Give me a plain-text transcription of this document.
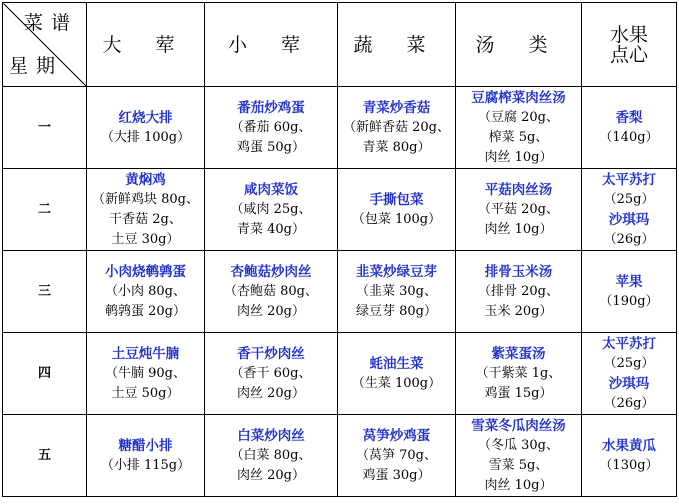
菜谱
星期	大 荤	小 荤	蔬 菜	汤 类	水果
点心

一	红烧大排
（大排 100g）	番茄炒鸡蛋
（番茄 60g、
鸡蛋 50g）	青菜炒香菇
（新鲜香菇 20g、
青菜 80g）	豆腐榨菜肉丝汤
（豆腐 20g、
榨菜 5g、
肉丝 10g）	香梨
（140g）

二	黄焖鸡
（新鲜鸡块 80g、
干香菇 2g、
土豆 30g）	咸肉菜饭
（咸肉 25g、
青菜 40g）	手撕包菜
（包菜 100g）	平菇肉丝汤
（平菇 20g、
肉丝 10g）	太平苏打
（25g）
沙琪玛
（26g）

三	小肉烧鹌鹑蛋
（小肉 80g、
鹌鹑蛋 20g）	杏鲍菇炒肉丝
（杏鲍菇 80g、
肉丝 20g）	韭菜炒绿豆芽
（韭菜 30g、
绿豆芽 80g）	排骨玉米汤
（排骨 20g、
玉米 20g）	苹果
（190g）

四	土豆炖牛腩
（牛腩 90g、
土豆 50g）	香干炒肉丝
（香干 60g、
肉丝 20g）	蚝油生菜
（生菜 100g）	紫菜蛋汤
（干紫菜 1g、
鸡蛋 15g）	太平苏打
（25g）
沙琪玛
（26g）

五	糖醋小排
（小排 115g）	白菜炒肉丝
（白菜 80g、
肉丝 20g）	莴笋炒鸡蛋
（莴笋 70g、
鸡蛋 30g）	雪菜冬瓜肉丝汤
（冬瓜 30g、
雪菜 5g、
肉丝 10g）	水果黄瓜
（130g）
